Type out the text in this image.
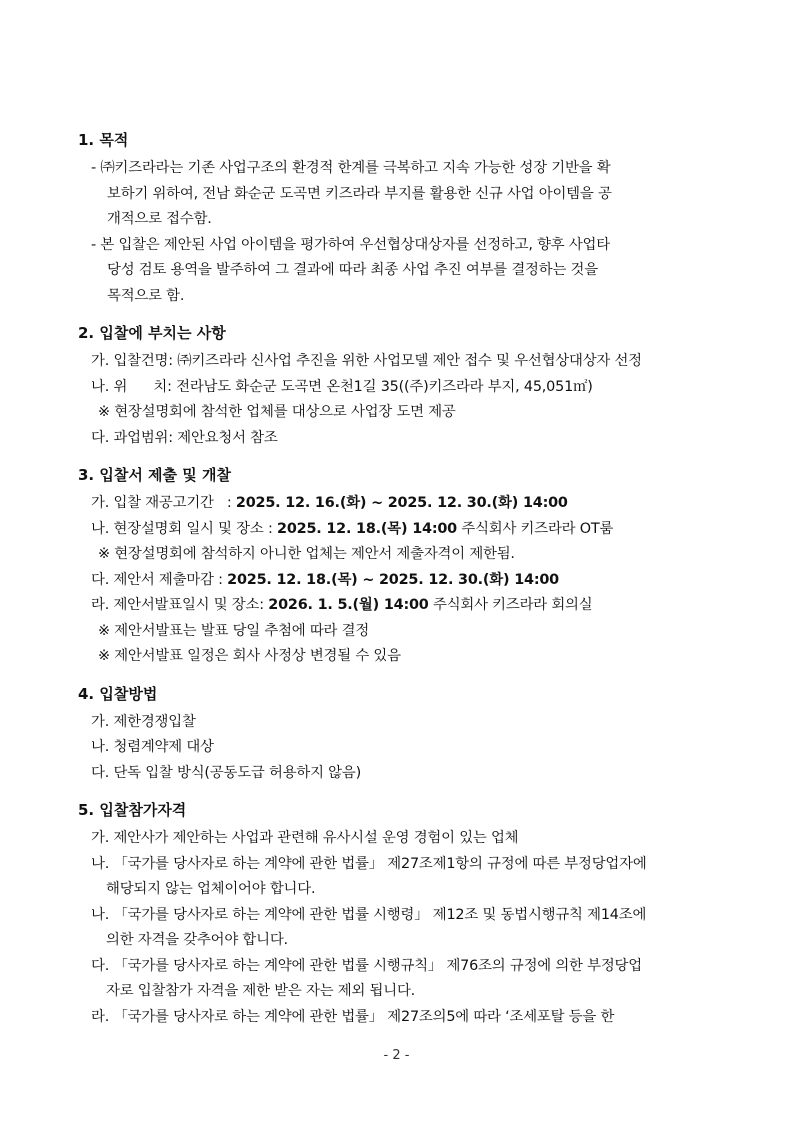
1. 목적
- ㈜키즈라라는 기존 사업구조의 환경적 한계를 극복하고 지속 가능한 성장 기반을 확
보하기 위하여, 전남 화순군 도곡면 키즈라라 부지를 활용한 신규 사업 아이템을 공
개적으로 접수함.
- 본 입찰은 제안된 사업 아이템을 평가하여 우선협상대상자를 선정하고, 향후 사업타
당성 검토 용역을 발주하여 그 결과에 따라 최종 사업 추진 여부를 결정하는 것을
목적으로 함.
2. 입찰에 부치는 사항
가. 입찰건명: ㈜키즈라라 신사업 추진을 위한 사업모델 제안 접수 및 우선협상대상자 선정
나. 위      치: 전라남도 화순군 도곡면 온천1길 35((주)키즈라라 부지, 45,051㎡)
※ 현장설명회에 참석한 업체를 대상으로 사업장 도면 제공
다. 과업범위: 제안요청서 참조
3. 입찰서 제출 및 개찰
가. 입찰 재공고기간   : 2025. 12. 16.(화) ~ 2025. 12. 30.(화) 14:00
나. 현장설명회 일시 및 장소 : 2025. 12. 18.(목) 14:00 주식회사 키즈라라 OT룸
※ 현장설명회에 참석하지 아니한 업체는 제안서 제출자격이 제한됨.
다. 제안서 제출마감 : 2025. 12. 18.(목) ~ 2025. 12. 30.(화) 14:00
라. 제안서발표일시 및 장소: 2026. 1. 5.(월) 14:00 주식회사 키즈라라 회의실
※ 제안서발표는 발표 당일 추첨에 따라 결정
※ 제안서발표 일정은 회사 사정상 변경될 수 있음
4. 입찰방법
가. 제한경쟁입찰
나. 청렴계약제 대상
다. 단독 입찰 방식(공동도급 허용하지 않음)
5. 입찰참가자격
가. 제안사가 제안하는 사업과 관련해 유사시설 운영 경험이 있는 업체
나. 「국가를 당사자로 하는 계약에 관한 법률」 제27조제1항의 규정에 따른 부정당업자에
해당되지 않는 업체이어야 합니다.
나. 「국가를 당사자로 하는 계약에 관한 법률 시행령」 제12조 및 동법시행규칙 제14조에
의한 자격을 갖추어야 합니다.
다. 「국가를 당사자로 하는 계약에 관한 법률 시행규칙」 제76조의 규정에 의한 부정당업
자로 입찰참가 자격을 제한 받은 자는 제외 됩니다.
라. 「국가를 당사자로 하는 계약에 관한 법률」 제27조의5에 따라 ‘조세포탈 등을 한
- 2 -
